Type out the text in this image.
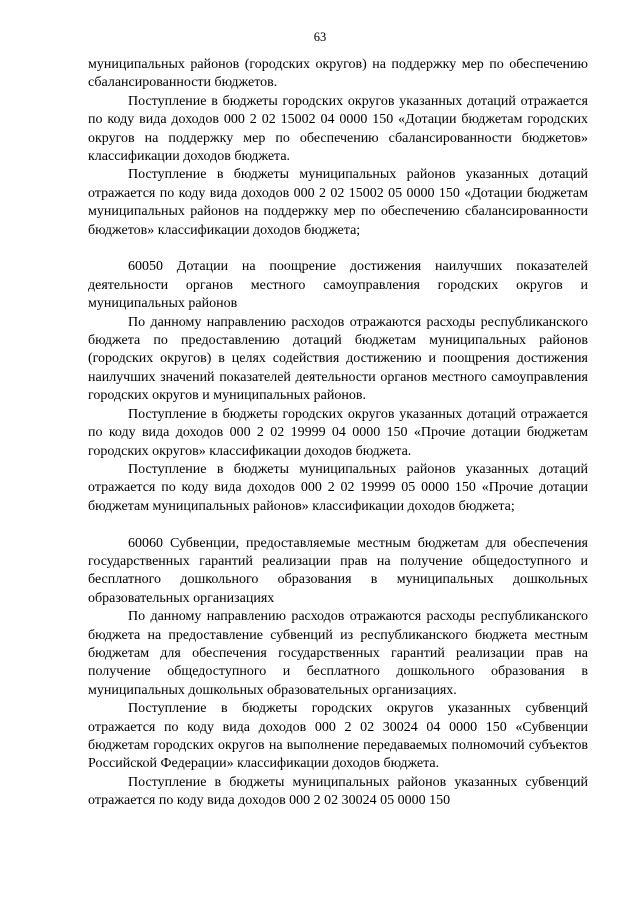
63

муниципальных районов (городских округов) на поддержку мер по обеспечению сбалансированности бюджетов.

Поступление в бюджеты городских округов указанных дотаций отражается по коду вида доходов 000 2 02 15002 04 0000 150 «Дотации бюджетам городских округов на поддержку мер по обеспечению сбалансированности бюджетов» классификации доходов бюджета.

Поступление в бюджеты муниципальных районов указанных дотаций отражается по коду вида доходов 000 2 02 15002 05 0000 150 «Дотации бюджетам муниципальных районов на поддержку мер по обеспечению сбалансированности бюджетов» классификации доходов бюджета;

60050 Дотации на поощрение достижения наилучших показателей деятельности органов местного самоуправления городских округов и муниципальных районов

По данному направлению расходов отражаются расходы республиканского бюджета по предоставлению дотаций бюджетам муниципальных районов (городских округов) в целях содействия достижению и поощрения достижения наилучших значений показателей деятельности органов местного самоуправления городских округов и муниципальных районов.

Поступление в бюджеты городских округов указанных дотаций отражается по коду вида доходов 000 2 02 19999 04 0000 150 «Прочие дотации бюджетам городских округов» классификации доходов бюджета.

Поступление в бюджеты муниципальных районов указанных дотаций отражается по коду вида доходов 000 2 02 19999 05 0000 150 «Прочие дотации бюджетам муниципальных районов» классификации доходов бюджета;

60060 Субвенции, предоставляемые местным бюджетам для обеспечения государственных гарантий реализации прав на получение общедоступного и бесплатного дошкольного образования в муниципальных дошкольных образовательных организациях

По данному направлению расходов отражаются расходы республиканского бюджета на предоставление субвенций из республиканского бюджета местным бюджетам для обеспечения государственных гарантий реализации прав на получение общедоступного и бесплатного дошкольного образования в муниципальных дошкольных образовательных организациях.

Поступление в бюджеты городских округов указанных субвенций отражается по коду вида доходов 000 2 02 30024 04 0000 150 «Субвенции бюджетам городских округов на выполнение передаваемых полномочий субъектов Российской Федерации» классификации доходов бюджета.

Поступление в бюджеты муниципальных районов указанных субвенций отражается по коду вида доходов 000 2 02 30024 05 0000 150
